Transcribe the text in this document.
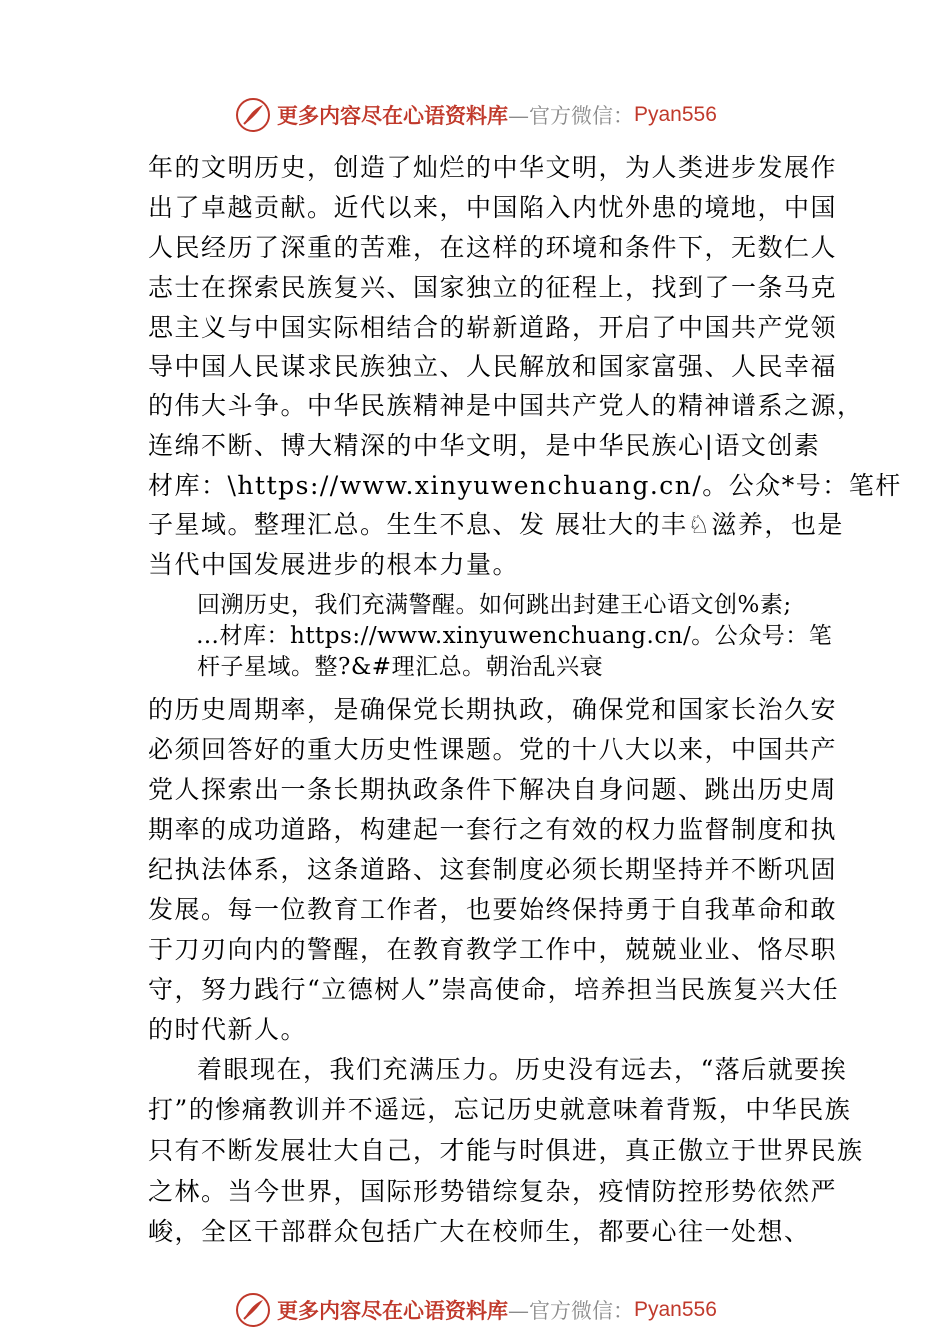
更多内容尽在心语资料库 —官方微信： Pyan556
年的文明历史，创造了灿烂的中华文明，为人类进步发展作
出了卓越贡献。近代以来，中国陷入内忧外患的境地，中国
人民经历了深重的苦难，在这样的环境和条件下，无数仁人
志士在探索民族复兴、国家独立的征程上，找到了一条马克
思主义与中国实际相结合的崭新道路，开启了中国共产党领
导中国人民谋求民族独立、人民解放和国家富强、人民幸福
的伟大斗争。中华民族精神是中国共产党人的精神谱系之源，
连绵不断、博大精深的中华文明，是中华民族心|语文创素
材库：\https://www.xinyuwenchuang.cn/。公众*号：笔杆
子星域。整理汇总。生生不息、发 展壮大的丰♘滋养，也是
当代中国发展进步的根本力量。
回溯历史，我们充满警醒。如何跳出封建王心语文创%素;
…材库：https://www.xinyuwenchuang.cn/。公众号：笔
杆子星域。整?&#理汇总。朝治乱兴衰
的历史周期率，是确保党长期执政，确保党和国家长治久安
必须回答好的重大历史性课题。党的十八大以来，中国共产
党人探索出一条长期执政条件下解决自身问题、跳出历史周
期率的成功道路，构建起一套行之有效的权力监督制度和执
纪执法体系，这条道路、这套制度必须长期坚持并不断巩固
发展。每一位教育工作者，也要始终保持勇于自我革命和敢
于刀刃向内的警醒，在教育教学工作中，兢兢业业、恪尽职
守，努力践行“立德树人”崇高使命，培养担当民族复兴大任
的时代新人。
着眼现在，我们充满压力。历史没有远去，“落后就要挨
打”的惨痛教训并不遥远，忘记历史就意味着背叛，中华民族
只有不断发展壮大自己，才能与时俱进，真正傲立于世界民族
之林。当今世界，国际形势错综复杂，疫情防控形势依然严
峻，全区干部群众包括广大在校师生，都要心往一处想、
更多内容尽在心语资料库 —官方微信： Pyan556
